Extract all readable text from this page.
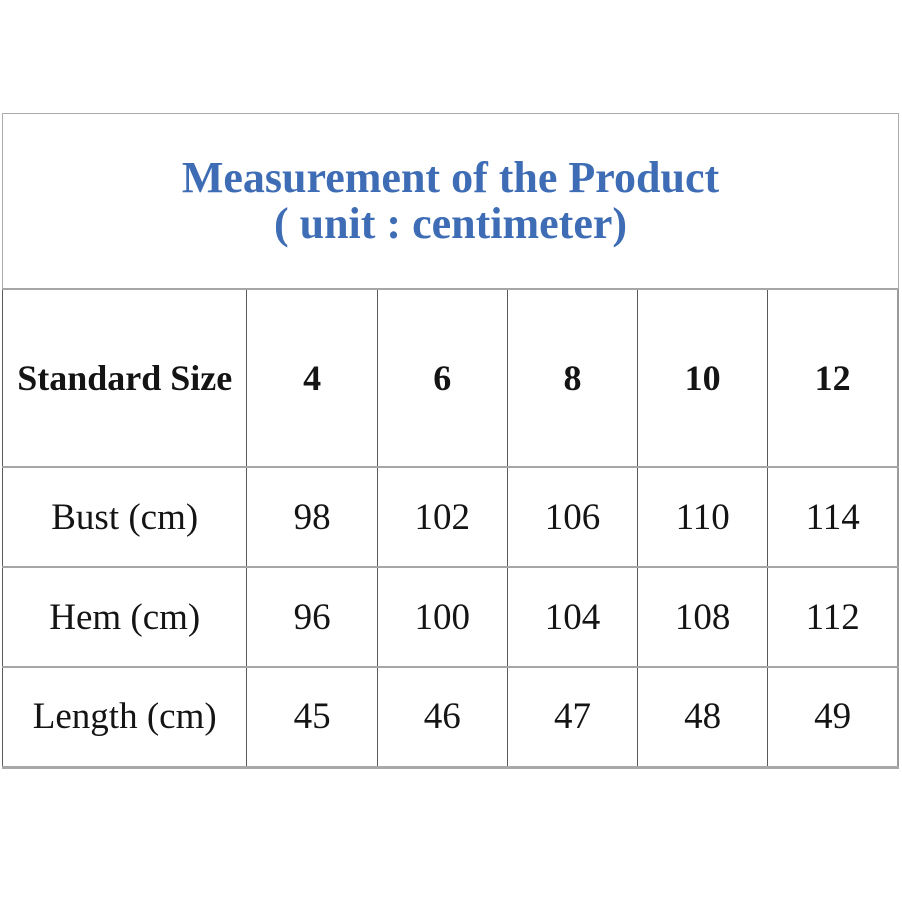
Measurement of the Product
( unit : centimeter)
Standard Size	4	6	8	10	12
Bust (cm)	98	102	106	110	114
Hem (cm)	96	100	104	108	112
Length (cm)	45	46	47	48	49
